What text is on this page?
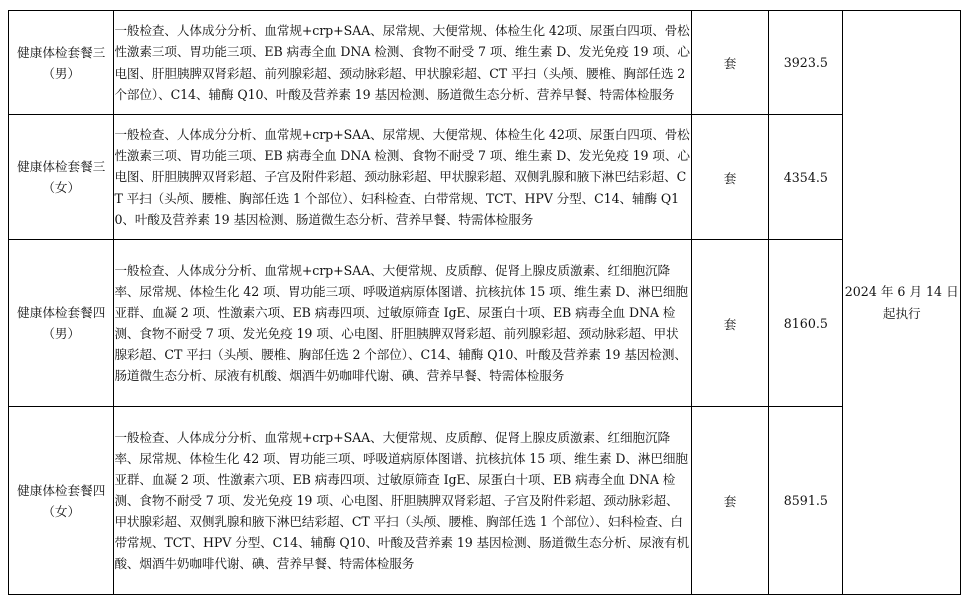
健康体检套餐三（男）	一般检查、人体成分分析、血常规+crp+SAA、尿常规、大便常规、体检生化 42项、尿蛋白四项、骨松性激素三项、胃功能三项、EB 病毒全血 DNA 检测、食物不耐受 7 项、维生素 D、发光免疫 19 项、心电图、肝胆胰脾双肾彩超、前列腺彩超、颈动脉彩超、甲状腺彩超、CT 平扫（头颅、腰椎、胸部任选 2 个部位）、C14、辅酶 Q10、叶酸及营养素 19 基因检测、肠道微生态分析、营养早餐、特需体检服务	套	3923.5	2024 年 6 月 14 日起执行
健康体检套餐三（女）	一般检查、人体成分分析、血常规+crp+SAA、尿常规、大便常规、体检生化 42项、尿蛋白四项、骨松性激素三项、胃功能三项、EB 病毒全血 DNA 检测、食物不耐受 7 项、维生素 D、发光免疫 19 项、心电图、肝胆胰脾双肾彩超、子宫及附件彩超、颈动脉彩超、甲状腺彩超、双侧乳腺和腋下淋巴结彩超、CT 平扫（头颅、腰椎、胸部任选 1 个部位）、妇科检查、白带常规、TCT、HPV 分型、C14、辅酶 Q10、叶酸及营养素 19 基因检测、肠道微生态分析、营养早餐、特需体检服务	套	4354.5	
健康体检套餐四（男）	一般检查、人体成分分析、血常规+crp+SAA、大便常规、皮质醇、促肾上腺皮质激素、红细胞沉降率、尿常规、体检生化 42 项、胃功能三项、呼吸道病原体图谱、抗核抗体 15 项、维生素 D、淋巴细胞亚群、血凝 2 项、性激素六项、EB 病毒四项、过敏原筛查 IgE、尿蛋白十项、EB 病毒全血 DNA 检测、食物不耐受 7 项、发光免疫 19 项、心电图、肝胆胰脾双肾彩超、前列腺彩超、颈动脉彩超、甲状腺彩超、CT 平扫（头颅、腰椎、胸部任选 2 个部位）、C14、辅酶 Q10、叶酸及营养素 19 基因检测、肠道微生态分析、尿液有机酸、烟酒牛奶咖啡代谢、碘、营养早餐、特需体检服务	套	8160.5	
健康体检套餐四（女）	一般检查、人体成分分析、血常规+crp+SAA、大便常规、皮质醇、促肾上腺皮质激素、红细胞沉降率、尿常规、体检生化 42 项、胃功能三项、呼吸道病原体图谱、抗核抗体 15 项、维生素 D、淋巴细胞亚群、血凝 2 项、性激素六项、EB 病毒四项、过敏原筛查 IgE、尿蛋白十项、EB 病毒全血 DNA 检测、食物不耐受 7 项、发光免疫 19 项、心电图、肝胆胰脾双肾彩超、子宫及附件彩超、颈动脉彩超、甲状腺彩超、双侧乳腺和腋下淋巴结彩超、CT 平扫（头颅、腰椎、胸部任选 1 个部位）、妇科检查、白带常规、TCT、HPV 分型、C14、辅酶 Q10、叶酸及营养素 19 基因检测、肠道微生态分析、尿液有机酸、烟酒牛奶咖啡代谢、碘、营养早餐、特需体检服务	套	8591.5	
